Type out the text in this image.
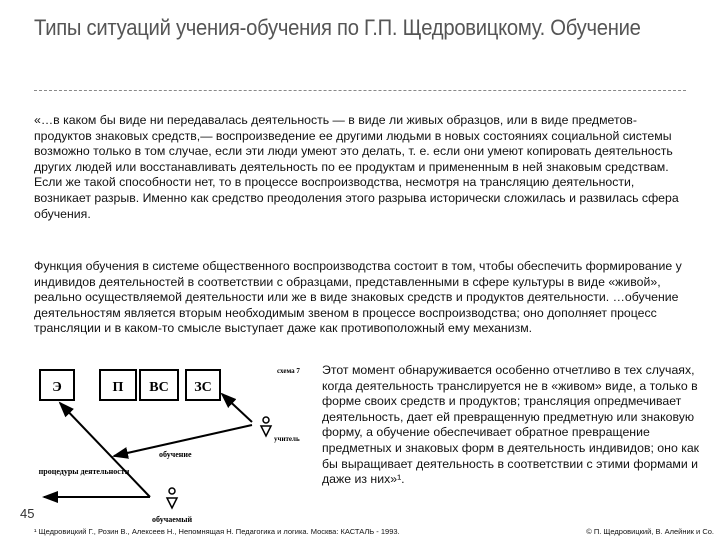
Типы ситуаций учения-обучения по Г.П. Щедровицкому. Обучение
«…в каком бы виде ни передавалась деятельность — в виде ли живых образцов, или в виде предметов-продуктов знаковых средств,— воспроизведение ее другими людьми в новых состояниях социальной системы возможно только в том случае, если эти люди умеют это делать, т. е. если они умеют копировать деятельность других людей или восстанавливать деятельность по ее продуктам и примененным в ней знаковым средствам. Если же такой способности нет, то в процессе воспроизводства, несмотря на трансляцию деятельности, возникает разрыв. Именно как средство преодоления этого разрыва исторически сложилась и развилась сфера обучения.
Функция обучения в системе общественного воспроизводства состоит в том, чтобы обеспечить формирование у индивидов деятельностей в соответствии с образцами, представленными в сфере культуры в виде «живой», реально осуществляемой деятельности или же в виде знаковых средств и продуктов деятельности. …обучение деятельностям является вторым необходимым звеном в процессе воспроизводства; оно дополняет процесс трансляции и в каком-то смысле выступает даже как противоположный ему механизм.
Этот момент обнаруживается особенно отчетливо в тех случаях, когда деятельность транслируется не в «живом» виде, а только в форме своих средств и продуктов; трансляция опредмечивает деятельность, дает ей превращенную предметную или знаковую форму, а обучение обеспечивает обратное превращение предметных и знаковых форм в деятельность индивидов; оно как бы выращивает деятельность в соответствии с этими формами и даже из них»¹.
Э	П ВС ЗС
схема 7
учитель
обучение
процедуры деятельности
обучаемый
45
¹ Щедровицкий Г., Розин В., Алексеев Н., Непомнящая Н. Педагогика и логика. Москва: КАСТАЛЬ - 1993.	© П. Щедровицкий, В. Алейник и Со.
